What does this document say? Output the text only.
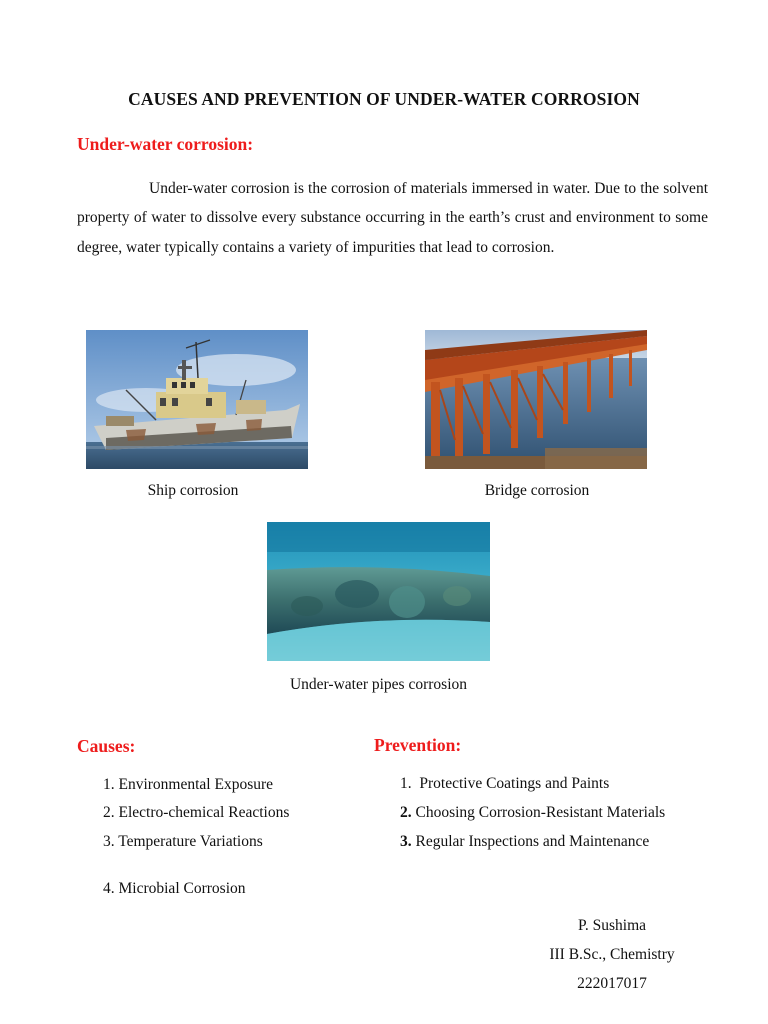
CAUSES AND PREVENTION OF UNDER-WATER CORROSION
Under-water corrosion:
Under-water corrosion is the corrosion of materials immersed in water. Due to the solvent property of water to dissolve every substance occurring in the earth’s crust and environment to some degree, water typically contains a variety of impurities that lead to corrosion.
Ship corrosion	Bridge corrosion
Under-water pipes corrosion
Causes:
1. Environmental Exposure
2. Electro-chemical Reactions
3. Temperature Variations
4. Microbial Corrosion
Prevention:
1. Protective Coatings and Paints
2. Choosing Corrosion-Resistant Materials
3. Regular Inspections and Maintenance
P. Sushima
III B.Sc., Chemistry
222017017
